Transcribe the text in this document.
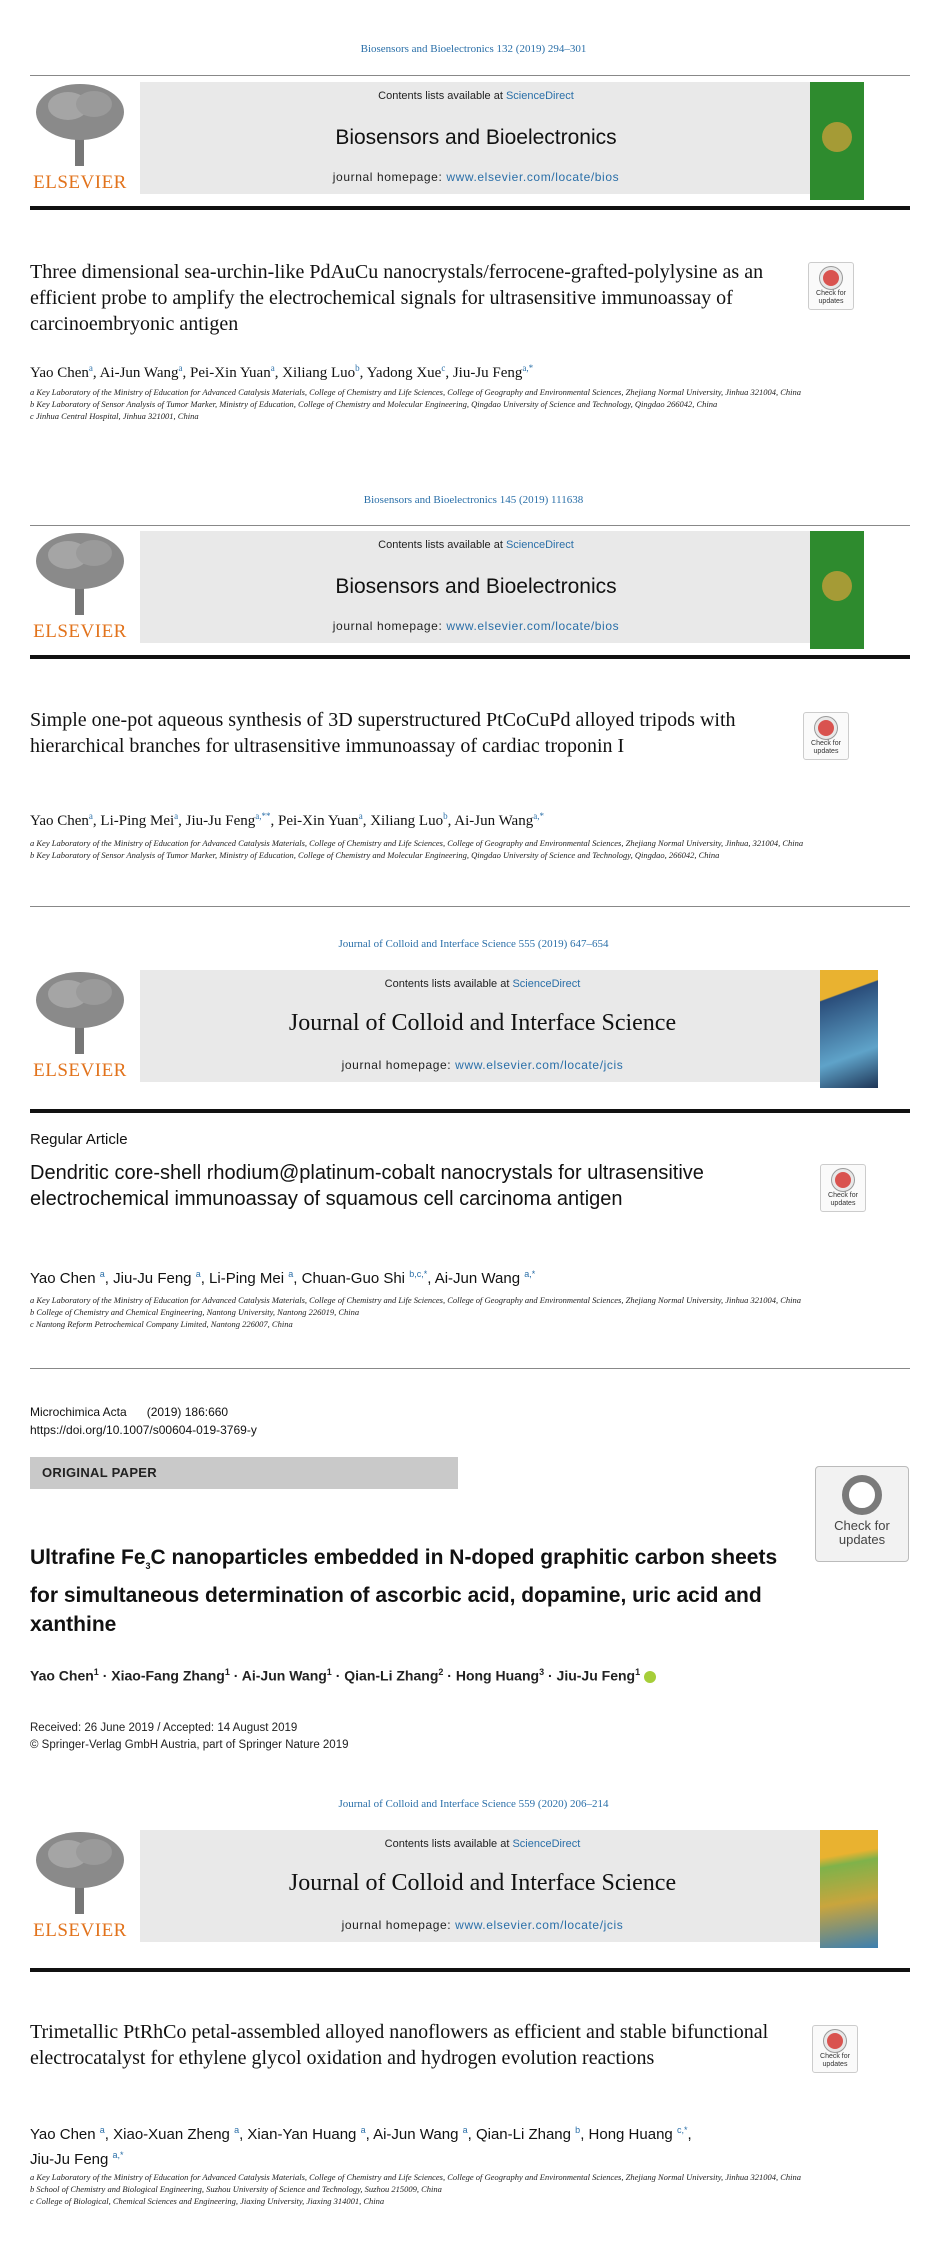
Biosensors and Bioelectronics 132 (2019) 294–301
ELSEVIER
Contents lists available at ScienceDirect
Biosensors and Bioelectronics
journal homepage: www.elsevier.com/locate/bios
Three dimensional sea-urchin-like PdAuCu nanocrystals/ferrocene-grafted-polylysine as an efficient probe to amplify the electrochemical signals for ultrasensitive immunoassay of carcinoembryonic antigen
Check for updates
Yao Chen$^a$, Ai-Jun Wang$^a$, Pei-Xin Yuan$^a$, Xiliang Luo$^b$, Yadong Xue$^c$, Jiu-Ju Feng$^{a,*}$
a Key Laboratory of the Ministry of Education for Advanced Catalysis Materials, College of Chemistry and Life Sciences, College of Geography and Environmental Sciences, Zhejiang Normal University, Jinhua 321004, China
b Key Laboratory of Sensor Analysis of Tumor Marker, Ministry of Education, College of Chemistry and Molecular Engineering, Qingdao University of Science and Technology, Qingdao 266042, China
c Jinhua Central Hospital, Jinhua 321001, China
Biosensors and Bioelectronics 145 (2019) 111638
ELSEVIER
Contents lists available at ScienceDirect
Biosensors and Bioelectronics
journal homepage: www.elsevier.com/locate/bios
Simple one-pot aqueous synthesis of 3D superstructured PtCoCuPd alloyed tripods with hierarchical branches for ultrasensitive immunoassay of cardiac troponin I	Check for updates
Yao Chen$^a$, Li-Ping Mei$^a$, Jiu-Ju Feng$^{a,**}$, Pei-Xin Yuan$^a$, Xiliang Luo$^b$, Ai-Jun Wang$^{a,*}$
a Key Laboratory of the Ministry of Education for Advanced Catalysis Materials, College of Chemistry and Life Sciences, College of Geography and Environmental Sciences, Zhejiang Normal University, Jinhua, 321004, China
b Key Laboratory of Sensor Analysis of Tumor Marker, Ministry of Education, College of Chemistry and Molecular Engineering, Qingdao University of Science and Technology, Qingdao, 266042, China
Journal of Colloid and Interface Science 555 (2019) 647–654
ELSEVIER
Contents lists available at ScienceDirect
Journal of Colloid and Interface Science
journal homepage: www.elsevier.com/locate/jcis
Regular Article
Dendritic core-shell rhodium@platinum-cobalt nanocrystals for ultrasensitive electrochemical immunoassay of squamous cell carcinoma antigen	Check for updates
Yao Chen $^a$, Jiu-Ju Feng $^a$, Li-Ping Mei $^a$, Chuan-Guo Shi $^{b,c,*}$, Ai-Jun Wang $^{a,*}$
a Key Laboratory of the Ministry of Education for Advanced Catalysis Materials, College of Chemistry and Life Sciences, College of Geography and Environmental Sciences, Zhejiang Normal University, Jinhua 321004, China
b College of Chemistry and Chemical Engineering, Nantong University, Nantong 226019, China
c Nantong Reform Petrochemical Company Limited, Nantong 226007, China
Microchimica Acta      (2019) 186:660
https://doi.org/10.1007/s00604-019-3769-y
ORIGINAL PAPER
Check for updates
Ultrafine $Fe_3C$ nanoparticles embedded in N-doped graphitic carbon sheets for simultaneous determination of ascorbic acid, dopamine, uric acid and xanthine
Yao Chen$^1$ · Xiao-Fang Zhang$^1$ · Ai-Jun Wang$^1$ · Qian-Li Zhang$^2$ · Hong Huang$^3$ · Jiu-Ju Feng$^1$
Received: 26 June 2019 / Accepted: 14 August 2019
© Springer-Verlag GmbH Austria, part of Springer Nature 2019
Journal of Colloid and Interface Science 559 (2020) 206–214
ELSEVIER
Contents lists available at ScienceDirect
Journal of Colloid and Interface Science
journal homepage: www.elsevier.com/locate/jcis
Trimetallic PtRhCo petal-assembled alloyed nanoflowers as efficient and stable bifunctional electrocatalyst for ethylene glycol oxidation and hydrogen evolution reactions	Check for updates
Yao Chen $^a$, Xiao-Xuan Zheng $^a$, Xian-Yan Huang $^a$, Ai-Jun Wang $^a$, Qian-Li Zhang $^b$, Hong Huang $^{c,*}$,
Jiu-Ju Feng $^{a,*}$
a Key Laboratory of the Ministry of Education for Advanced Catalysis Materials, College of Chemistry and Life Sciences, College of Geography and Environmental Sciences, Zhejiang Normal University, Jinhua 321004, China
b School of Chemistry and Biological Engineering, Suzhou University of Science and Technology, Suzhou 215009, China
c College of Biological, Chemical Sciences and Engineering, Jiaxing University, Jiaxing 314001, China
